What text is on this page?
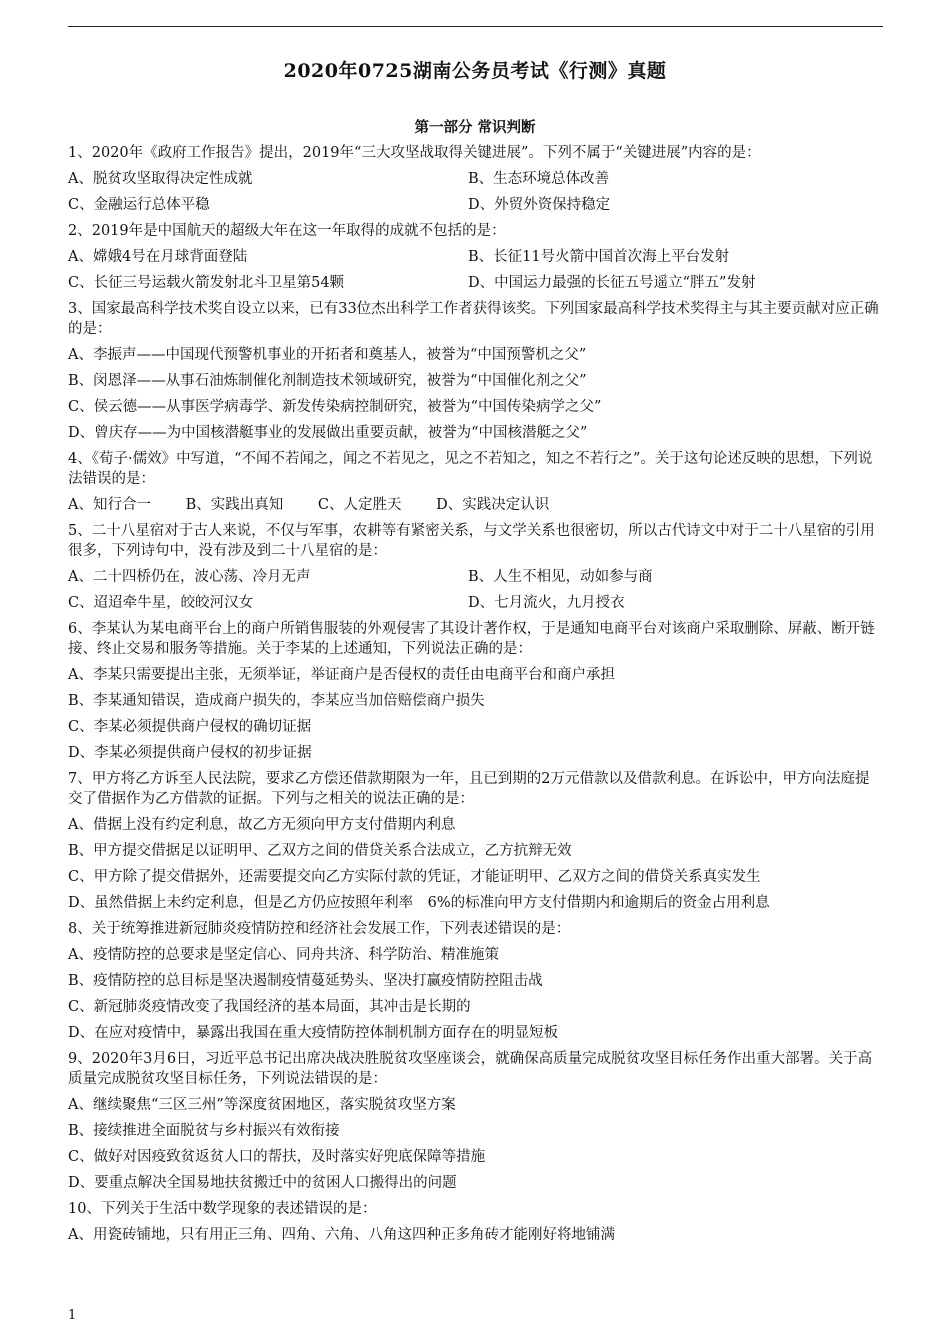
2020年0725湖南公务员考试《行测》真题
第一部分 常识判断

1、2020年《政府工作报告》提出，2019年“三大攻坚战取得关键进展”。下列不属于“关键进展”内容的是：

A、脱贫攻坚取得决定性成就	B、生态环境总体改善
C、金融运行总体平稳	D、外贸外资保持稳定

2、2019年是中国航天的超级大年在这一年取得的成就不包括的是：

A、嫦娥4号在月球背面登陆	B、长征11号火箭中国首次海上平台发射
C、长征三号运载火箭发射北斗卫星第54颗	D、中国运力最强的长征五号遥立“胖五”发射

3、国家最高科学技术奖自设立以来，已有33位杰出科学工作者获得该奖。下列国家最高科学技术奖得主与其主要贡献对应正确的是：

A、李振声——中国现代预警机事业的开拓者和奠基人，被誉为“中国预警机之父”
B、闵恩泽——从事石油炼制催化剂制造技术领域研究，被誉为“中国催化剂之父”
C、侯云德——从事医学病毒学、新发传染病控制研究，被誉为“中国传染病学之父”
D、曾庆存——为中国核潜艇事业的发展做出重要贡献，被誉为“中国核潜艇之父”

4、《荀子·儒效》中写道，“不闻不若闻之，闻之不若见之，见之不若知之，知之不若行之”。关于这句论述反映的思想，下列说法错误的是：

A、知行合一 B、实践出真知 C、人定胜天 D、实践决定认识

5、二十八星宿对于古人来说，不仅与军事，农耕等有紧密关系，与文学关系也很密切，所以古代诗文中对于二十八星宿的引用很多，下列诗句中，没有涉及到二十八星宿的是：

A、二十四桥仍在，波心荡、冷月无声	B、人生不相见，动如参与商
C、迢迢牵牛星，皎皎河汉女	D、七月流火，九月授衣

6、李某认为某电商平台上的商户所销售服装的外观侵害了其设计著作权，于是通知电商平台对该商户采取删除、屏蔽、断开链接、终止交易和服务等措施。关于李某的上述通知，下列说法正确的是：

A、李某只需要提出主张，无须举证，举证商户是否侵权的责任由电商平台和商户承担
B、李某通知错误，造成商户损失的，李某应当加倍赔偿商户损失
C、李某必须提供商户侵权的确切证据
D、李某必须提供商户侵权的初步证据

7、甲方将乙方诉至人民法院，要求乙方偿还借款期限为一年，且已到期的2万元借款以及借款利息。在诉讼中，甲方向法庭提交了借据作为乙方借款的证据。下列与之相关的说法正确的是：

A、借据上没有约定利息，故乙方无须向甲方支付借期内利息
B、甲方提交借据足以证明甲、乙双方之间的借贷关系合法成立，乙方抗辩无效
C、甲方除了提交借据外，还需要提交向乙方实际付款的凭证，才能证明甲、乙双方之间的借贷关系真实发生
D、虽然借据上未约定利息，但是乙方仍应按照年利率　6%的标准向甲方支付借期内和逾期后的资金占用利息

8、关于统筹推进新冠肺炎疫情防控和经济社会发展工作，下列表述错误的是：

A、疫情防控的总要求是坚定信心、同舟共济、科学防治、精准施策
B、疫情防控的总目标是坚决遏制疫情蔓延势头、坚决打赢疫情防控阻击战
C、新冠肺炎疫情改变了我国经济的基本局面，其冲击是长期的
D、在应对疫情中，暴露出我国在重大疫情防控体制机制方面存在的明显短板

9、2020年3月6日，习近平总书记出席决战决胜脱贫攻坚座谈会，就确保高质量完成脱贫攻坚目标任务作出重大部署。关于高质量完成脱贫攻坚目标任务，下列说法错误的是：

A、继续聚焦“三区三州”等深度贫困地区，落实脱贫攻坚方案
B、接续推进全面脱贫与乡村振兴有效衔接
C、做好对因疫致贫返贫人口的帮扶，及时落实好兜底保障等措施
D、要重点解决全国易地扶贫搬迁中的贫困人口搬得出的问题

10、下列关于生活中数学现象的表述错误的是：

A、用瓷砖铺地，只有用正三角、四角、六角、八角这四种正多角砖才能刚好将地铺满
1
